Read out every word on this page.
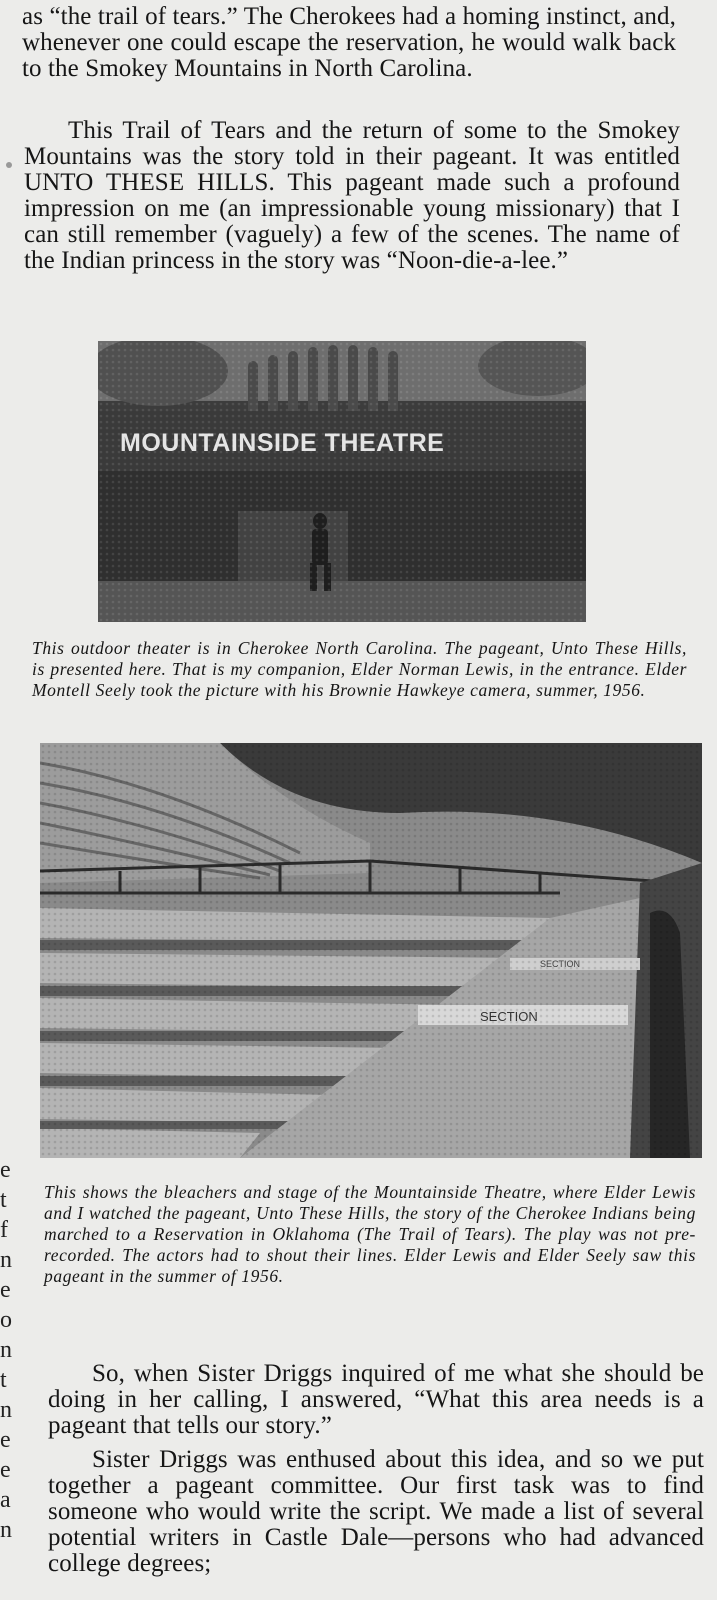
as “the trail of tears.” The Cherokees had a homing instinct, and, whenever one could escape the reservation, he would walk back to the Smokey Mountains in North Carolina.

This Trail of Tears and the return of some to the Smokey Mountains was the story told in their pageant. It was entitled UNTO THESE HILLS. This pageant made such a profound impression on me (an impressionable young missionary) that I can still remember (vaguely) a few of the scenes. The name of the Indian princess in the story was “Noon-die-a-lee.”

This outdoor theater is in Cherokee North Carolina. The pageant, Unto These Hills, is presented here. That is my companion, Elder Norman Lewis, in the entrance. Elder Montell Seely took the picture with his Brownie Hawkeye camera, summer, 1956.

This shows the bleachers and stage of the Mountainside Theatre, where Elder Lewis and I watched the pageant, Unto These Hills, the story of the Cherokee Indians being marched to a Reservation in Oklahoma (The Trail of Tears). The play was not pre-recorded. The actors had to shout their lines. Elder Lewis and Elder Seely saw this pageant in the summer of 1956.

e
t
f
n
e
o
n
t
n
e
e
a
n

So, when Sister Driggs inquired of me what she should be doing in her calling, I answered, “What this area needs is a pageant that tells our story.”

Sister Driggs was enthused about this idea, and so we put together a pageant committee. Our first task was to find someone who would write the script. We made a list of several potential writers in Castle Dale—persons who had advanced college degrees;
